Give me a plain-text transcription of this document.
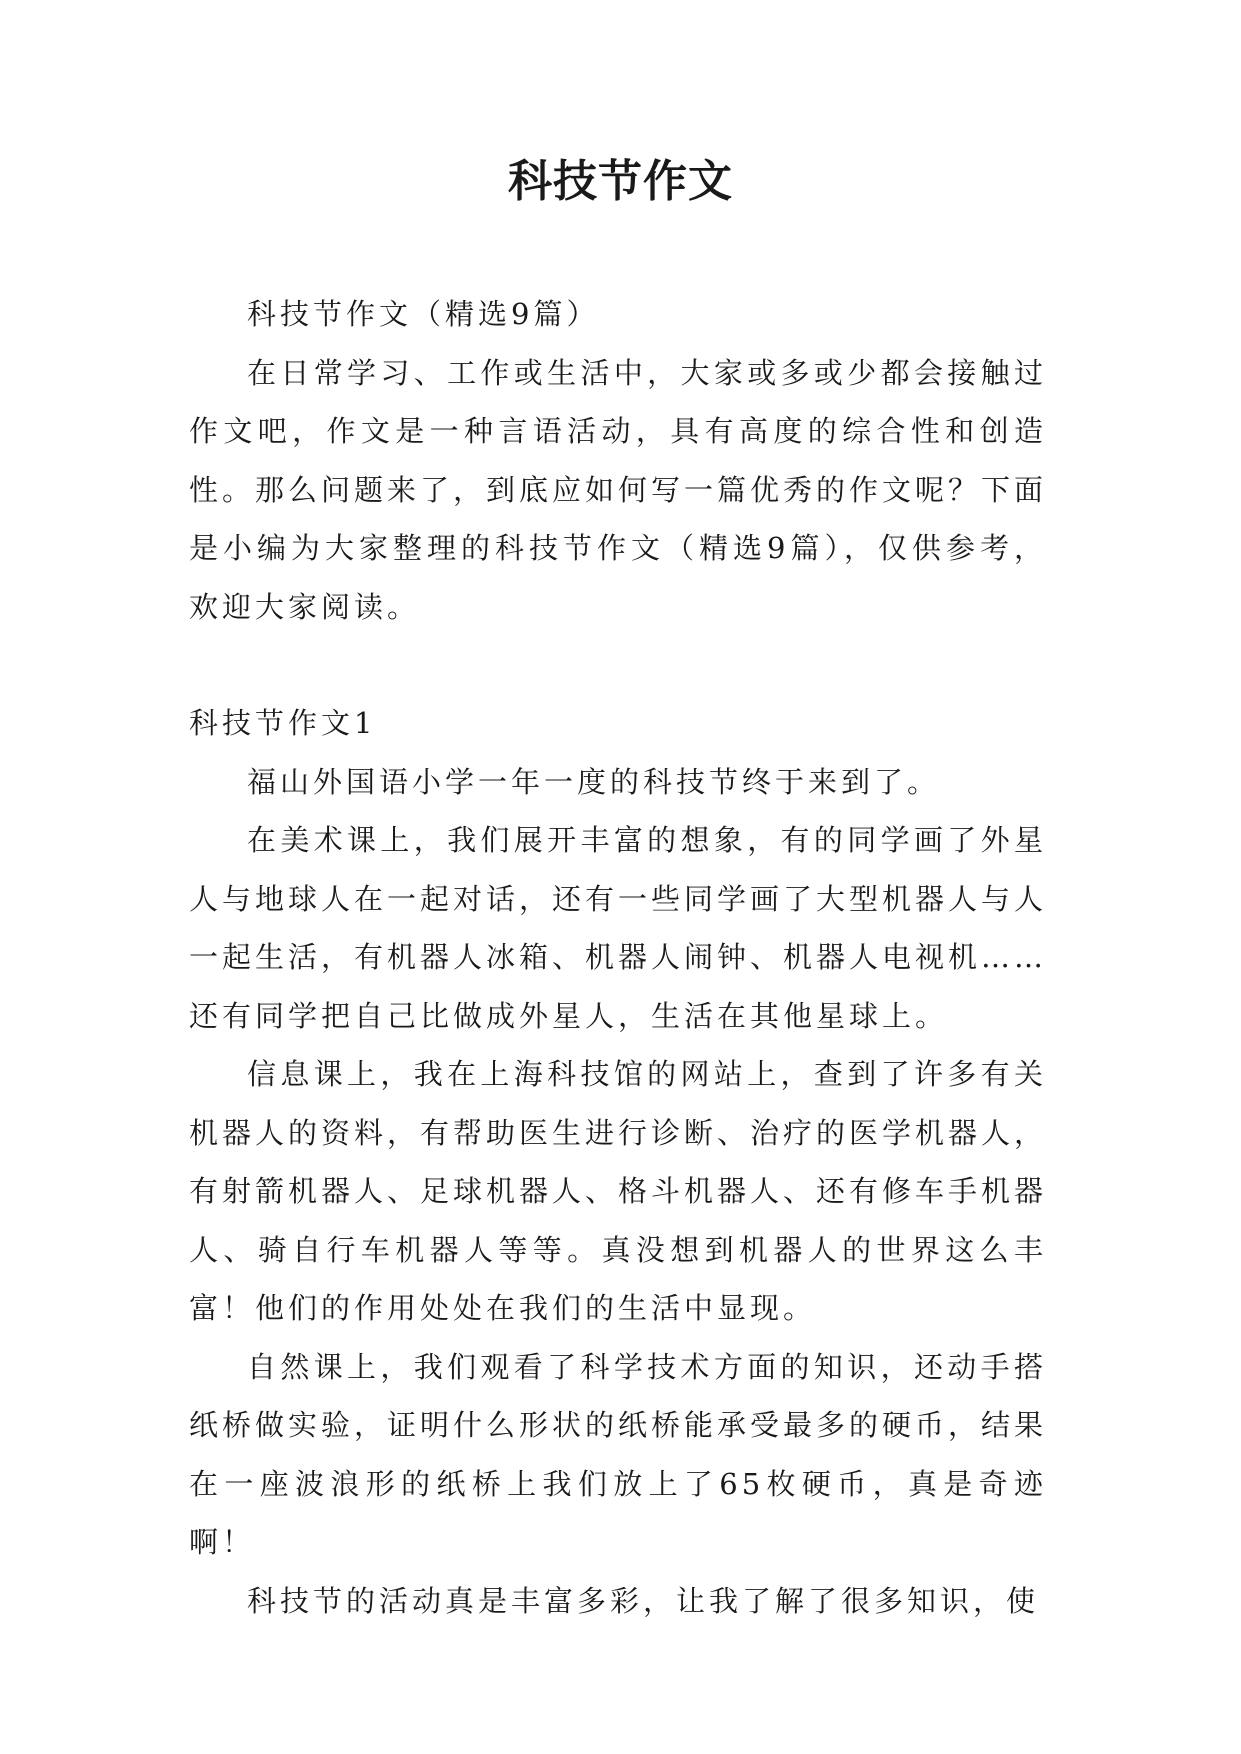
科技节作文

科技节作文（精选9篇）

在日常学习、工作或生活中，大家或多或少都会接触过作文吧，作文是一种言语活动，具有高度的综合性和创造性。那么问题来了，到底应如何写一篇优秀的作文呢？下面是小编为大家整理的科技节作文（精选9篇），仅供参考，欢迎大家阅读。

科技节作文1

福山外国语小学一年一度的科技节终于来到了。

在美术课上，我们展开丰富的想象，有的同学画了外星人与地球人在一起对话，还有一些同学画了大型机器人与人一起生活，有机器人冰箱、机器人闹钟、机器人电视机……还有同学把自己比做成外星人，生活在其他星球上。

信息课上，我在上海科技馆的网站上，查到了许多有关机器人的资料，有帮助医生进行诊断、治疗的医学机器人，有射箭机器人、足球机器人、格斗机器人、还有修车手机器人、骑自行车机器人等等。真没想到机器人的世界这么丰富！他们的作用处处在我们的生活中显现。

自然课上，我们观看了科学技术方面的知识，还动手搭纸桥做实验，证明什么形状的纸桥能承受最多的硬币，结果在一座波浪形的纸桥上我们放上了65枚硬币，真是奇迹啊！

科技节的活动真是丰富多彩，让我了解了很多知识，使
